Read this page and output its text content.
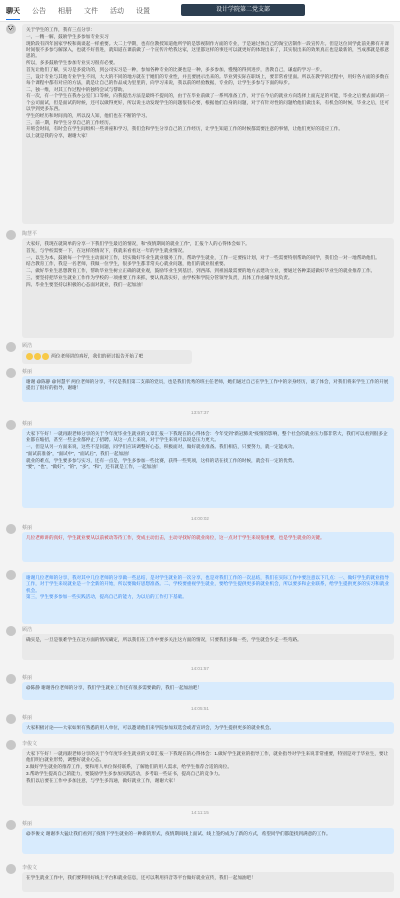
聊天 公告 相册 文件 活动 设置	设计学院第二党支部
🐼	关于学生的工作，我有三点分享：

一、一精一解，鼓励学生多参加专业实习

现阶段有四年国家学校和商谈起一样重要。大二上学期，也有位教授知道他所学的是影视制作方面的专业，于是通过体自己的淘宝店制作一段宣传片。但是这位同学此前先佛有开课时间很不多参与解深入，也就不好普进，就知道在课前做了一个宣传片给我这家，这里都这样的事还可以就更好的体现出来了，其实很出来的效果真正也是最新的，当成那就是那意思的。

所以，多多鼓励学生参加专业实习很有必要。

首先让他们了解，实习是多爱功的，到公司实习是一种，参加各种专业的比赛也是一种，多多参加，慢慢的得到进步，善教自己，谦虚的学习一步。

三，设计专业与其他专业学生不同，大大的不同的地方就在于她们的专业性，并且要展示出来的。毕业到实际在职场上，要非常看里面。所以在教学的过程中，用好各方面的多数在每个课程中都有对应的方法，就是让自己的作品成为里里的，向学习来说，我以前的经验数据，专业的，让学生多参与下面的每步。

二、独一维，对其工作过程中的独特尝试与帮助。

有一次，有一个学生在我办公室门口等候，向我提出方法是最终不提问的，由于在毕业前做了一系列准备工作，对于在今后的就业方向选择上面充足的可能，毕业之后要去面试的一个公司面试，但是面试的时候，还可以做得更好，所以说主动发现学生的问题很有必要，根据他们自身的问题，对于有针对性的问题给他们做出来，有机会的时候，毕业之后，还可以学到更多东西。

学生的经历和时间真的，所以没人知，他们也在不断的学习。

三、前一期，和学生分享自己的工作经历。

开班会时间，有时会在学生间组织一些讲座和学习，我们会和学生分享自己的工作经历，让学生知道工作的时候都需要注意的事情，让他们更好的适应工作。

以上就是我的分享，谢谢大家！

陶慧平

大家好，我现在就简单的分享一下我们学生最近的情况，和"疫情期间的就业工作"，汇报个人的心得体会如下。

首先，与学校需要一下，在这样的情况下，我就来看看这一年的学生就业情况。

一、以生为本，鼓励每一个学生主动面对工作，切实做好毕业生就业服务工作，帮助学生就业，工作一定要按计划，对于一些需要特别帮助的同学，我们会一对一地帮助他们。

结合教育工作，我是一名老师，我做一位学生，很多学生都非常关心就业问题，他们的就业很重要。

二、做好毕业生思想教育工作，帮助毕业生树立正确的就业观，鼓励毕业生到基层、到西部、到祖国最需要的地方去建功立业，要通过各种渠道做好毕业生的就业推荐工作。

三、要坚持把毕业生就业工作作为学校的一项重要工作来抓，要认真落实好，由学校和学院分管领导负责，具体工作由辅导员负责。

四、毕业生要坚持以积极的心态面对就业，我们一起加油！

顾浩
两位老师讲的真好，我们的研讨报告开始了吧
蔡丽

谢谢 @陈静 @何慧平 两位老师的分享，不仅是我们第二支部的党员，也是我们优秀的班主任老师，她们通过自己在学生工作中的亲身经历，谈了体会，对我们将来学生工作的开展提出了很好的指导，谢谢！

13:57:37
蔡丽

大家下午好！一就再跟老师分享的关于今年度毕业生就业的文章汇报一下我现在的心得体会：今年受到"新冠肺炎"疫情的影响，整个社会的就业压力都非常大，我们可以看到很多企业都在缩招，甚至一些企业都停止了招聘。从这一点上来说，对于学生来说可以说是压力更大。

一、但是从另一方面来说，这些不是问题，同学们应该调整好心态，积极面对，做好就业准备。我们相信，只要努力，就一定能成功。

"面试前准备"，"面试中"，"面试后"，我们一起加油！

就业的难点，学生要多参与实习，还有一点是，学生多参加一些比赛，获得一些奖项，这样的话在找工作的时候，就会有一定的优势。

"要"，"也"，"做好"，"的"，"多"，"和"，还有就是工作，一起加油！

14:00:02
蔡丽

几位老师讲的真好，学生就业要从以前被动等待工作，变成主动出击，主动寻找好的就业岗位，这一点对于学生来说很重要，也是学生就业的关键。

谢谢几位老师的分享，我对其中几位老师的分享做一些总结，是对学生就业的一次分享，也是对我们工作的一次总结，我们在实际工作中要注意以下几点：一、做好学生的就业指导工作，对于学生来说就业是一个全新的开始，所以要做好思想准备。二、学校要重视学生就业，要给学生提供更多的就业机会，所以要多和企业联系，给学生提供更多的实习和就业机会。

第三，学生要多参加一些实践活动，提高自己的能力，为以后的工作打下基础。

顾浩

确实是，一旦是很难学生在这方面的情况确定，所以我们在工作中要多关注这方面的情况，只要我们多做一些，学生就会少走一些弯路。

14:01:57
蔡丽

@陈静 谢谢各位老师的分享，我们学生就业工作还有很多需要做的，我们一起加油吧！

14:05:51
蔡丽

大家积极讨论——大家如果有熟悉的用人单位，可以邀请他们来学院参加双选会或者宣讲会，为学生提供更多的就业机会。

李俊文

大家下午好！一就再跟老师分享的关于今年度毕业生就业的文章汇报一下我现在的心得体会：1.做好学生就业的指导工作，就业指导对学生来说非常重要，特别是对于毕业生，要让他们明白就业形势，调整好就业心态。

2.做好学生就业的推荐工作，要和用人单位保持联系，了解他们的用人需求，给学生推荐合适的岗位。

3.帮助学生提高自己的能力，要鼓励学生多参加实践活动，多考取一些证书，提高自己的竞争力。

我们以后要在工作中多加注意，与学生多沟通，做好就业工作，谢谢大家！

14:11:15
蔡丽

@李俊文 谢谢李大猛让我们看到了疫情下学生就业的一种新的形式，疫情期间线上面试、线上签约成为了新的方式，希望同学们都能找到满意的工作。

李俊文

在学生就业工作中，我们要利用好线上平台和就业信息，还可以利用抖音等平台做好就业宣传，我们一起加油吧！
